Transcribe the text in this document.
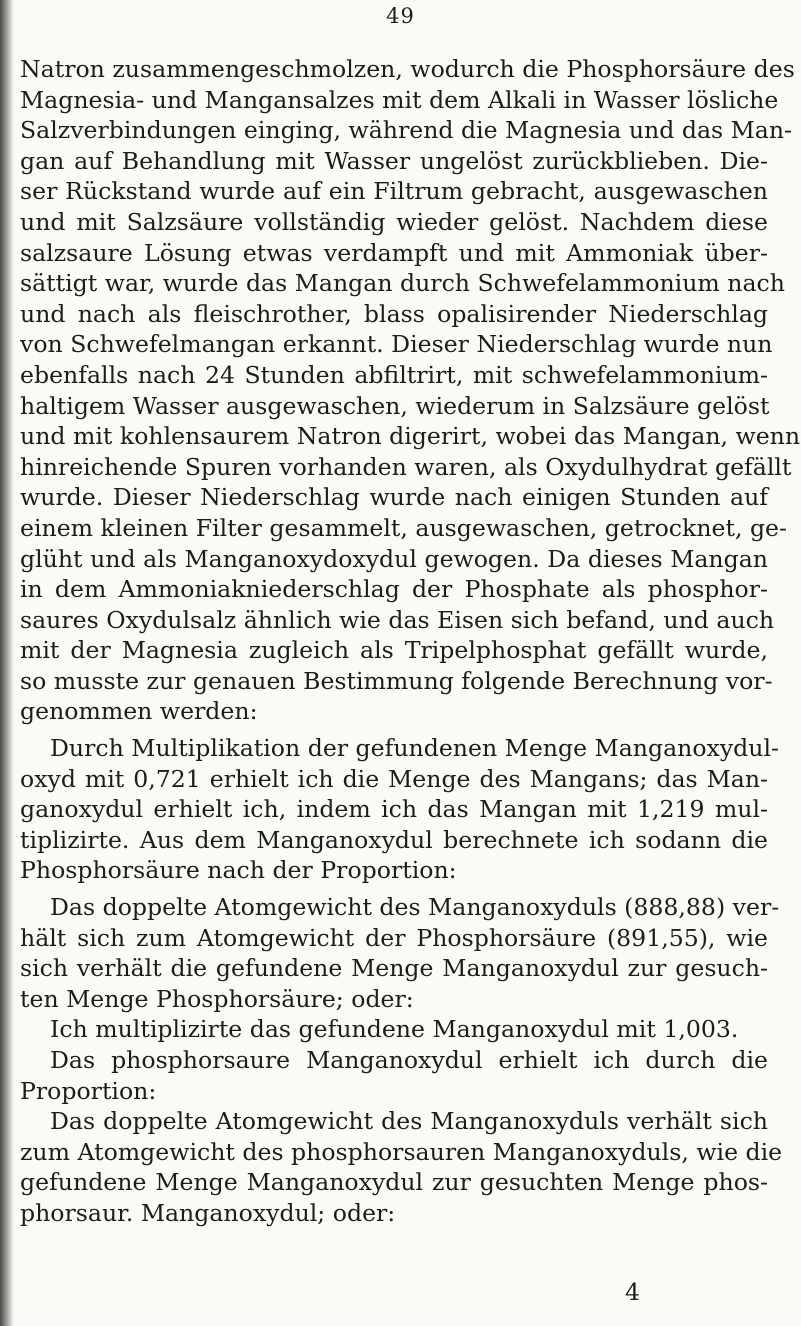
49
Natron zusammengeschmolzen, wodurch die Phosphorsäure des
Magnesia- und Mangansalzes mit dem Alkali in Wasser lösliche
Salzverbindungen einging, während die Magnesia und das Man-
gan auf Behandlung mit Wasser ungelöst zurückblieben. Die-
ser Rückstand wurde auf ein Filtrum gebracht, ausgewaschen
und mit Salzsäure vollständig wieder gelöst. Nachdem diese
salzsaure Lösung etwas verdampft und mit Ammoniak über-
sättigt war, wurde das Mangan durch Schwefelammonium nach
und nach als fleischrother, blass opalisirender Niederschlag
von Schwefelmangan erkannt. Dieser Niederschlag wurde nun
ebenfalls nach 24 Stunden abfiltrirt, mit schwefelammonium-
haltigem Wasser ausgewaschen, wiederum in Salzsäure gelöst
und mit kohlensaurem Natron digerirt, wobei das Mangan, wenn
hinreichende Spuren vorhanden waren, als Oxydulhydrat gefällt
wurde. Dieser Niederschlag wurde nach einigen Stunden auf
einem kleinen Filter gesammelt, ausgewaschen, getrocknet, ge-
glüht und als Manganoxydoxydul gewogen. Da dieses Mangan
in dem Ammoniakniederschlag der Phosphate als phosphor-
saures Oxydulsalz ähnlich wie das Eisen sich befand, und auch
mit der Magnesia zugleich als Tripelphosphat gefällt wurde,
so musste zur genauen Bestimmung folgende Berechnung vor-
genommen werden:
Durch Multiplikation der gefundenen Menge Manganoxydul-
oxyd mit 0,721 erhielt ich die Menge des Mangans; das Man-
ganoxydul erhielt ich, indem ich das Mangan mit 1,219 mul-
tiplizirte. Aus dem Manganoxydul berechnete ich sodann die
Phosphorsäure nach der Proportion:
Das doppelte Atomgewicht des Manganoxyduls (888,88) ver-
hält sich zum Atomgewicht der Phosphorsäure (891,55), wie
sich verhält die gefundene Menge Manganoxydul zur gesuch-
ten Menge Phosphorsäure; oder:
Ich multiplizirte das gefundene Manganoxydul mit 1,003.
Das phosphorsaure Manganoxydul erhielt ich durch die
Proportion:
Das doppelte Atomgewicht des Manganoxyduls verhält sich
zum Atomgewicht des phosphorsauren Manganoxyduls, wie die
gefundene Menge Manganoxydul zur gesuchten Menge phos-
phorsaur. Manganoxydul; oder:
4
